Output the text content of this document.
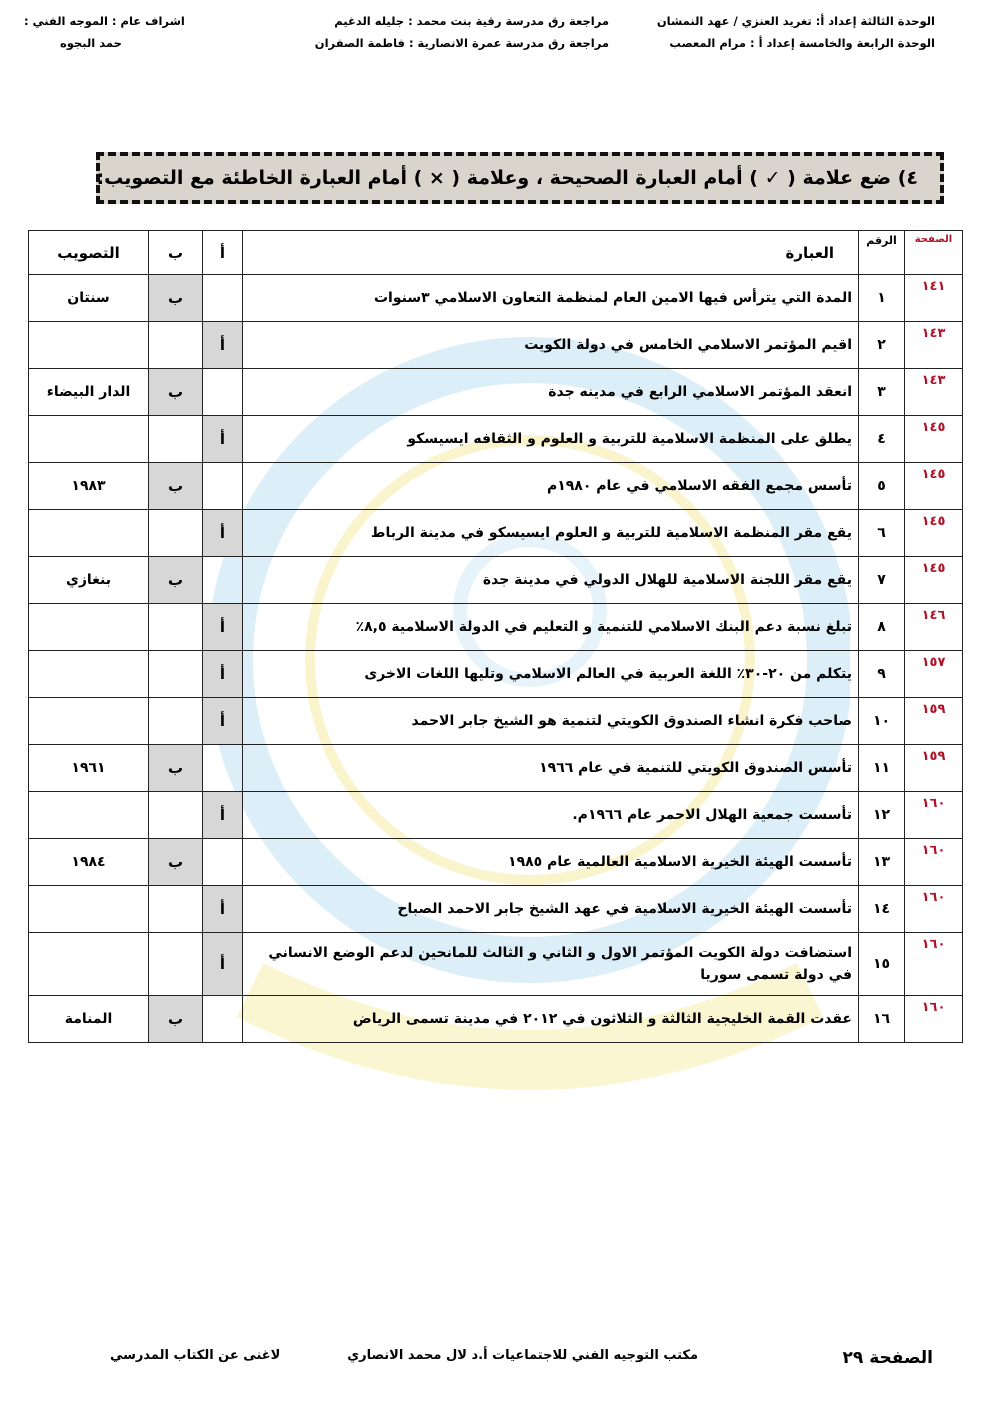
الوحدة الثالثة إعداد أ: تغريد العنزي / عهد النمشان
الوحدة الرابعة والخامسة إعداد أ : مرام المعصب
مراجعة رق مدرسة رقية بنت محمد : جليله الدغيم
مراجعة رق مدرسة عمرة الانصارية : فاطمة الصفران
اشراف عام : الموجه الفني :
حمد البجوه
٤) ضع علامة ( ✓ ) أمام العبارة الصحيحة ، وعلامة ( × ) أمام العبارة الخاطئة مع التصويب:
الصفحة	الرقم	العبارة	أ	ب	التصويب
١٤١	١	المدة التي يترأس فيها الامين العام لمنظمة التعاون الاسلامي ٣سنوات		ب	سنتان
١٤٣	٢	اقيم المؤتمر الاسلامي الخامس في دولة الكويت	أ		
١٤٣	٣	انعقد المؤتمر الاسلامي الرابع في مدينه جدة		ب	الدار البيضاء
١٤٥	٤	يطلق على المنظمة الاسلامية للتربية و العلوم و الثقافه ايسيسكو	أ		
١٤٥	٥	تأسس مجمع الفقه الاسلامي في عام ١٩٨٠م		ب	١٩٨٣
١٤٥	٦	يقع مقر المنظمة الاسلامية للتربية و العلوم ايسيسكو في مدينة الرباط	أ		
١٤٥	٧	يقع مقر اللجنة الاسلامية للهلال الدولي في مدينة جدة		ب	بنغازي
١٤٦	٨	تبلغ نسبة دعم البنك الاسلامي للتنمية و التعليم في الدولة الاسلامية ٨,٥٪	أ		
١٥٧	٩	يتكلم من ٢٠-٣٠٪ اللغة العربية في العالم الاسلامي وتليها اللغات الاخرى	أ		
١٥٩	١٠	صاحب فكرة انشاء الصندوق الكويتي لتنمية هو الشيخ جابر الاحمد	أ		
١٥٩	١١	تأسس الصندوق الكويتي للتنمية في عام ١٩٦٦		ب	١٩٦١
١٦٠	١٢	تأسست جمعية الهلال الاحمر عام ١٩٦٦م.	أ		
١٦٠	١٣	تأسست الهيئة الخيرية الاسلامية العالمية عام ١٩٨٥		ب	١٩٨٤
١٦٠	١٤	تأسست الهيئة الخيرية الاسلامية في عهد الشيخ جابر الاحمد الصباح	أ		
١٦٠	١٥	استضافت دولة الكويت المؤتمر الاول و الثاني و الثالث للمانحين لدعم الوضع الانساني في دولة تسمى سوريا	أ		
١٦٠	١٦	عقدت القمة الخليجية الثالثة و الثلاثون في ٢٠١٢ في مدينة تسمى الرياض		ب	المنامة
الصفحة ٢٩
مكتب التوجيه الفني للاجتماعيات أ.د لال محمد الانصاري
لاغنى عن الكتاب المدرسي
